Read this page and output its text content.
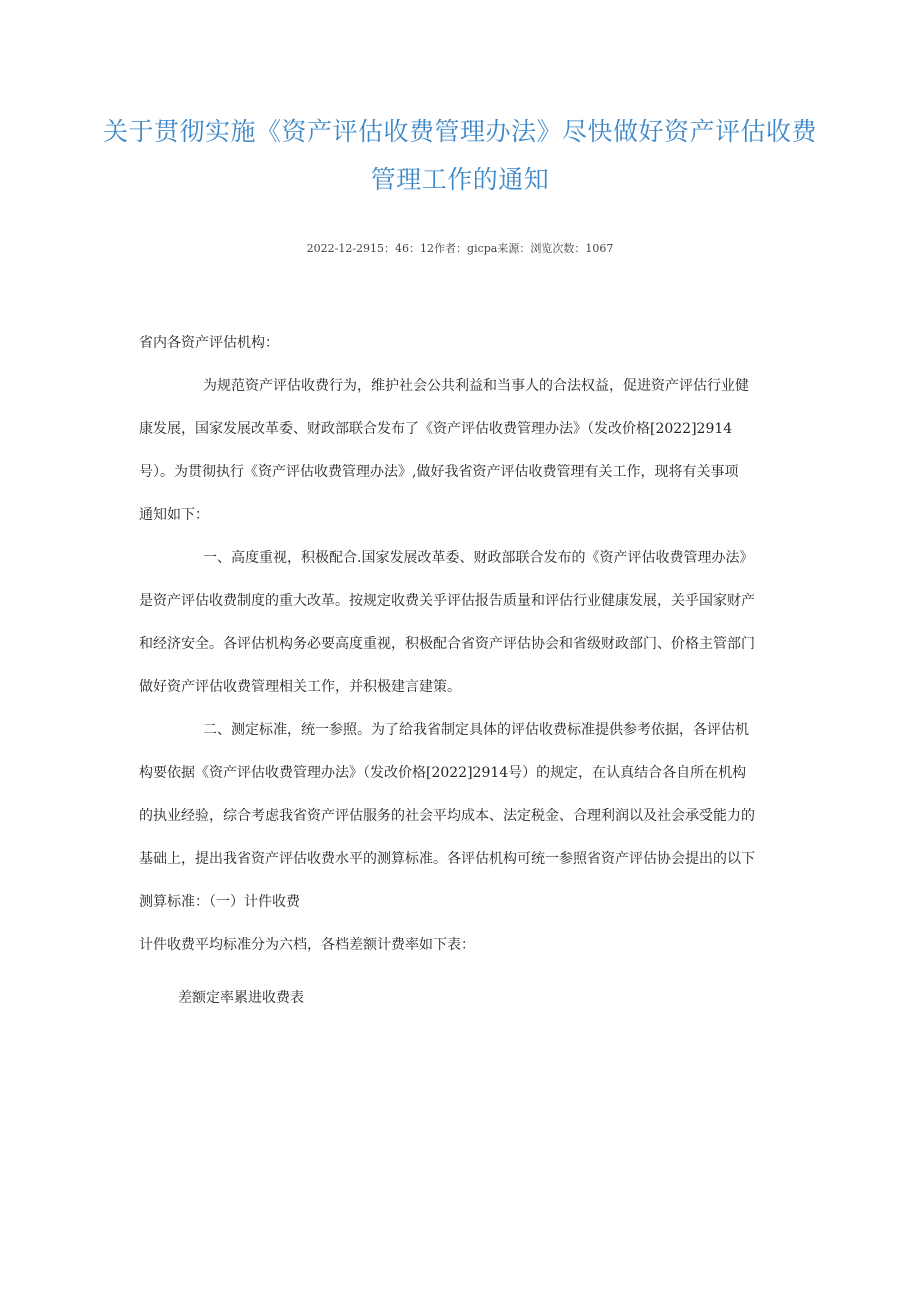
关于贯彻实施《资产评估收费管理办法》尽快做好资产评估收费
管理工作的通知
2022-12-2915：46：12作者：gicpa来源：浏览次数：1067

省内各资产评估机构：

为规范资产评估收费行为，维护社会公共利益和当事人的合法权益，促进资产评估行业健
康发展，国家发展改革委、财政部联合发布了《资产评估收费管理办法》（发改价格[2022]2914
号）。为贯彻执行《资产评估收费管理办法》,做好我省资产评估收费管理有关工作，现将有关事项
通知如下：
一、高度重视，积极配合.国家发展改革委、财政部联合发布的《资产评估收费管理办法》
是资产评估收费制度的重大改革。按规定收费关乎评估报告质量和评估行业健康发展，关乎国家财产
和经济安全。各评估机构务必要高度重视，积极配合省资产评估协会和省级财政部门、价格主管部门
做好资产评估收费管理相关工作，并积极建言建策。
二、测定标准，统一参照。为了给我省制定具体的评估收费标准提供参考依据，各评估机
构要依据《资产评估收费管理办法》（发改价格[2022]2914号）的规定，在认真结合各自所在机构
的执业经验，综合考虑我省资产评估服务的社会平均成本、法定税金、合理利润以及社会承受能力的
基础上，提出我省资产评估收费水平的测算标准。各评估机构可统一参照省资产评估协会提出的以下
测算标准：（一）计件收费

计件收费平均标准分为六档，各档差额计费率如下表：

差额定率累进收费表
